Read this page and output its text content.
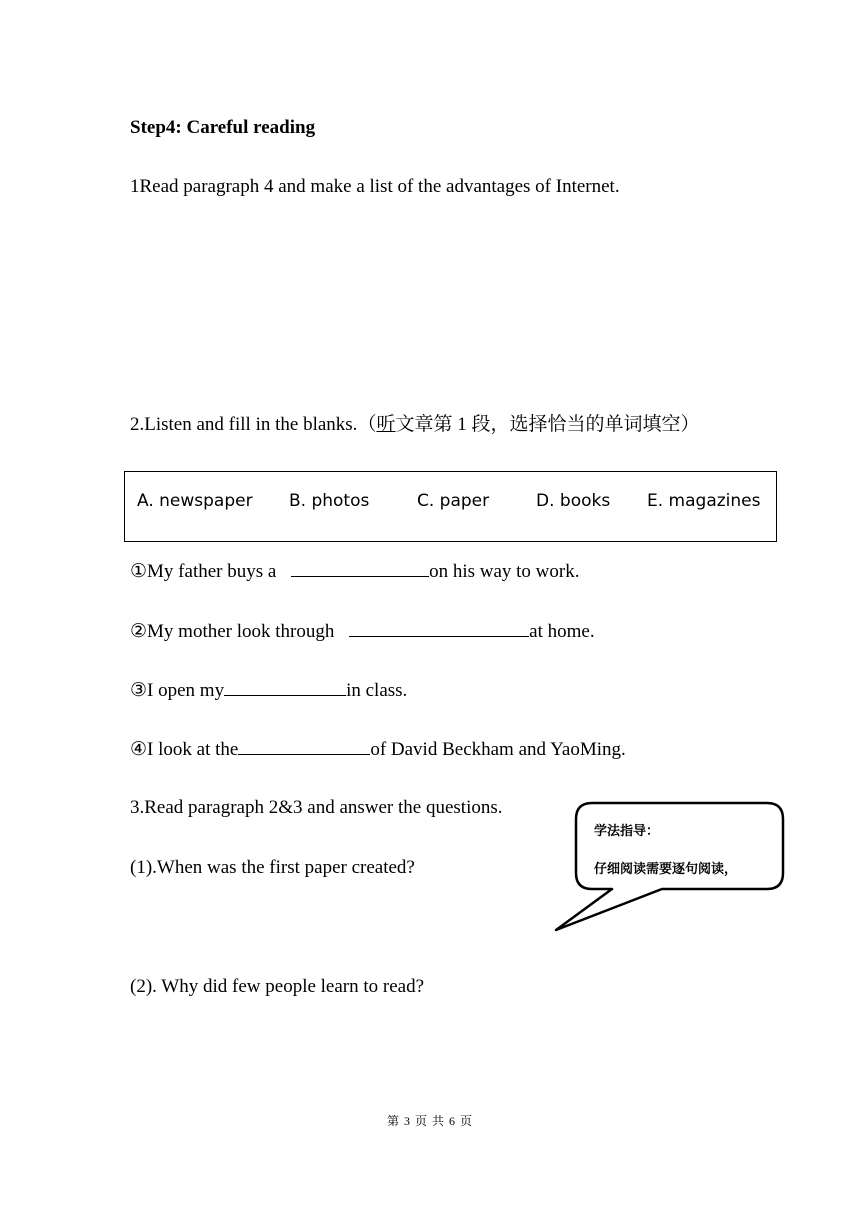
Step4: Careful reading
1Read paragraph 4 and make a list of the advantages of Internet.
2.Listen and fill in the blanks.（听文章第 1 段，选择恰当的单词填空）
A. newspaper B. photos	C. paper	D. books E. magazines
①My father buys a	on his way to work.
②My mother look through	at home.
③I open my	in class.
④I look at the	of David Beckham and YaoMing.
3.Read paragraph 2&3 and answer the questions.
(1).When was the first paper created?
(2). Why did few people learn to read?
学法指导：
仔细阅读需要逐句阅读，
第 3 页 共 6 页
